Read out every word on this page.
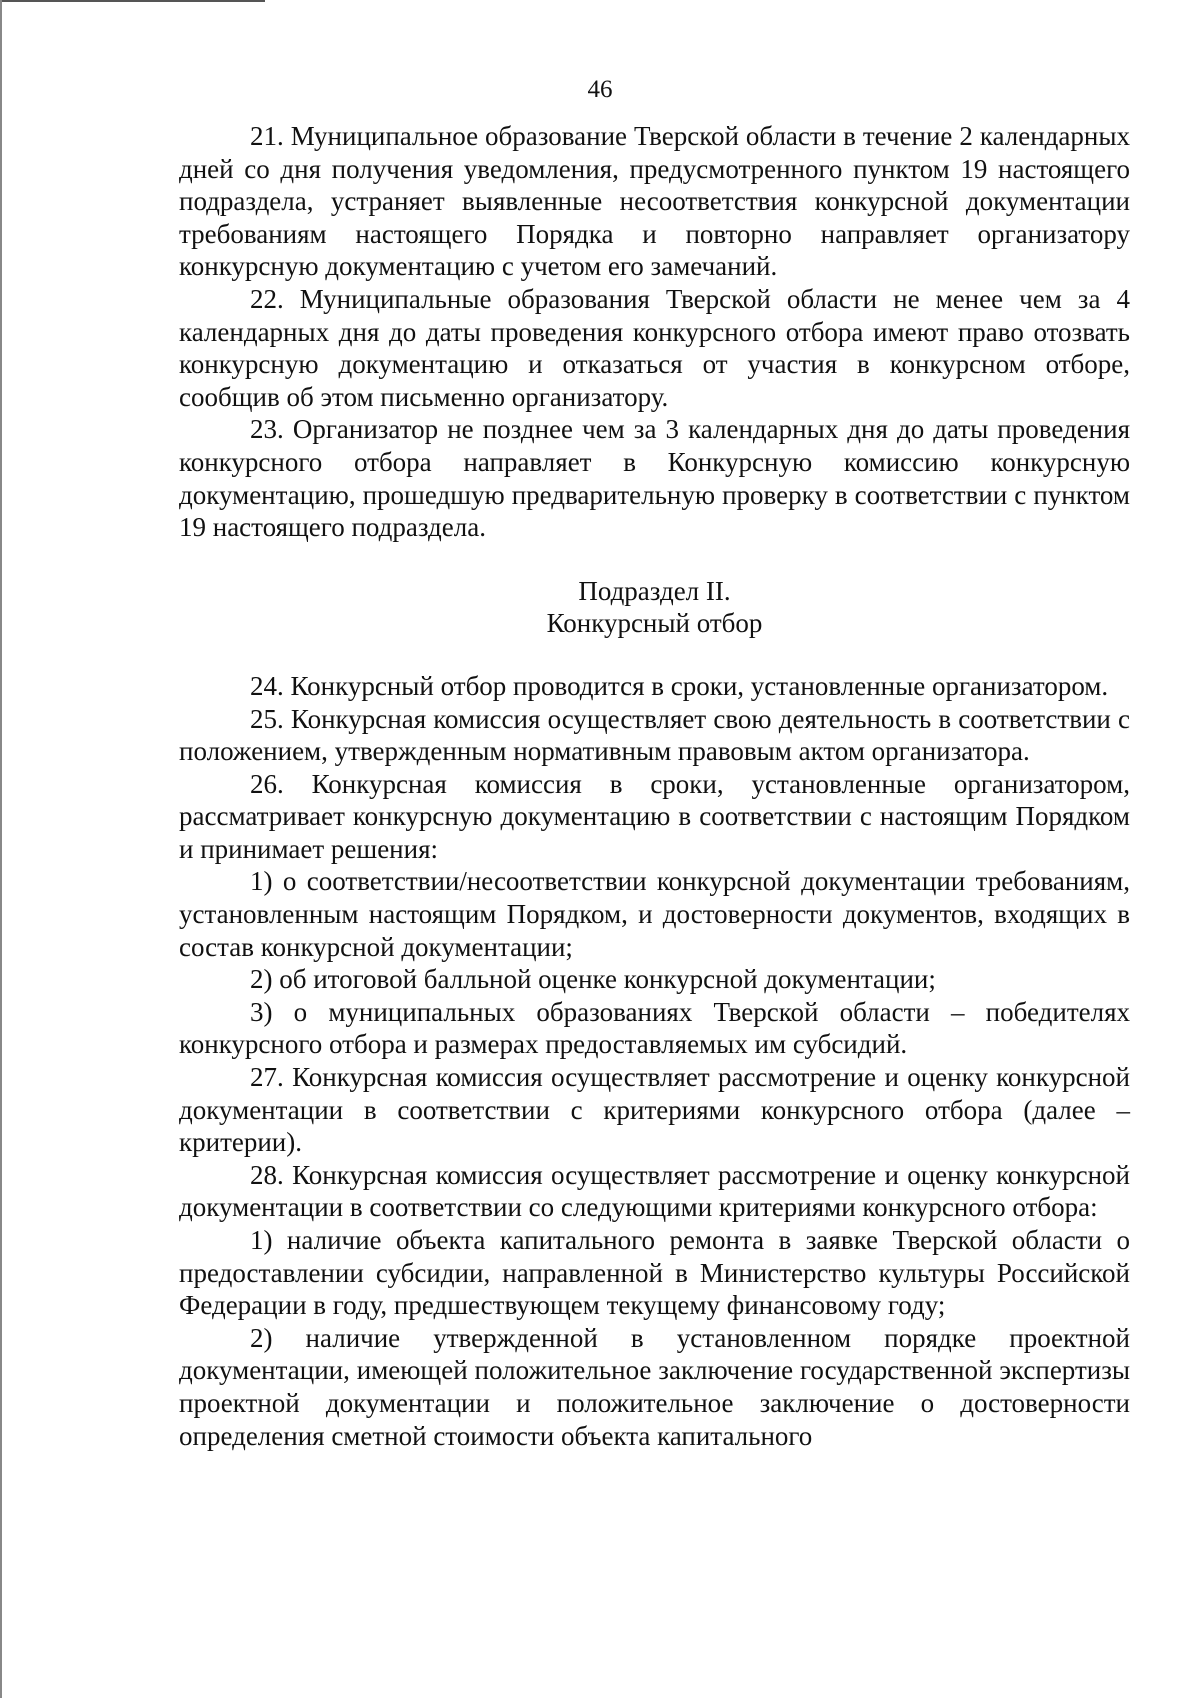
46

21. Муниципальное образование Тверской области в течение 2 календарных дней со дня получения уведомления, предусмотренного пунктом 19 настоящего подраздела, устраняет выявленные несоответствия конкурсной документации требованиям настоящего Порядка и повторно направляет организатору конкурсную документацию с учетом его замечаний.

22. Муниципальные образования Тверской области не менее чем за 4 календарных дня до даты проведения конкурсного отбора имеют право отозвать конкурсную документацию и отказаться от участия в конкурсном отборе, сообщив об этом письменно организатору.

23. Организатор не позднее чем за 3 календарных дня до даты проведения конкурсного отбора направляет в Конкурсную комиссию конкурсную документацию, прошедшую предварительную проверку в соответствии с пунктом 19 настоящего подраздела.

Подраздел II.
Конкурсный отбор

24. Конкурсный отбор проводится в сроки, установленные организатором.

25. Конкурсная комиссия осуществляет свою деятельность в соответствии с положением, утвержденным нормативным правовым актом организатора.

26. Конкурсная комиссия в сроки, установленные организатором, рассматривает конкурсную документацию в соответствии с настоящим Порядком и принимает решения:

1) о соответствии/несоответствии конкурсной документации требованиям, установленным настоящим Порядком, и достоверности документов, входящих в состав конкурсной документации;

2) об итоговой балльной оценке конкурсной документации;

3) о муниципальных образованиях Тверской области – победителях конкурсного отбора и размерах предоставляемых им субсидий.

27. Конкурсная комиссия осуществляет рассмотрение и оценку конкурсной документации в соответствии с критериями конкурсного отбора (далее – критерии).

28. Конкурсная комиссия осуществляет рассмотрение и оценку конкурсной документации в соответствии со следующими критериями конкурсного отбора:

1) наличие объекта капитального ремонта в заявке Тверской области о предоставлении субсидии, направленной в Министерство культуры Российской Федерации в году, предшествующем текущему финансовому году;

2) наличие утвержденной в установленном порядке проектной документации, имеющей положительное заключение государственной экспертизы проектной документации и положительное заключение о достоверности определения сметной стоимости объекта капитального
